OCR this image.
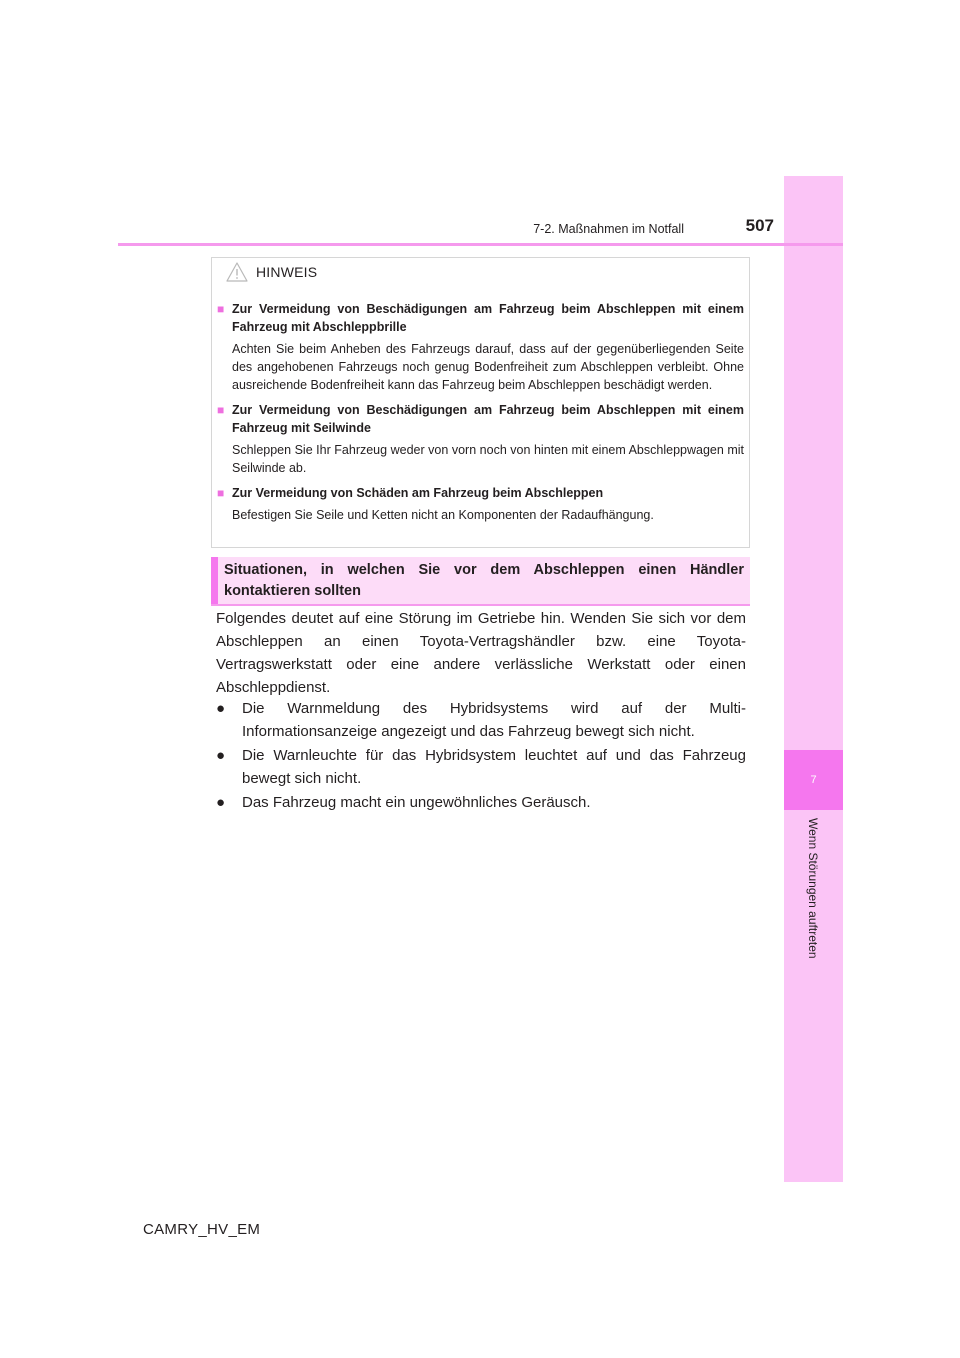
7
Wenn Störungen auftreten
7-2. Maßnahmen im Notfall	507
HINWEIS
■ Zur Vermeidung von Beschädigungen am Fahrzeug beim Abschleppen mit einem Fahrzeug mit Abschleppbrille
Achten Sie beim Anheben des Fahrzeugs darauf, dass auf der gegenüberliegenden Seite des angehobenen Fahrzeugs noch genug Bodenfreiheit zum Abschleppen verbleibt. Ohne ausreichende Bodenfreiheit kann das Fahrzeug beim Abschleppen beschädigt werden.
■ Zur Vermeidung von Beschädigungen am Fahrzeug beim Abschleppen mit einem Fahrzeug mit Seilwinde
Schleppen Sie Ihr Fahrzeug weder von vorn noch von hinten mit einem Abschleppwagen mit Seilwinde ab.
■ Zur Vermeidung von Schäden am Fahrzeug beim Abschleppen
Befestigen Sie Seile und Ketten nicht an Komponenten der Radaufhängung.
Situationen, in welchen Sie vor dem Abschleppen einen Händler kontaktieren sollten
Folgendes deutet auf eine Störung im Getriebe hin. Wenden Sie sich vor dem Abschleppen an einen Toyota-Vertragshändler bzw. eine Toyota-Vertragswerkstatt oder eine andere verlässliche Werkstatt oder einen Abschleppdienst.
●	Die Warnmeldung des Hybridsystems wird auf der Multi-Informationsanzeige angezeigt und das Fahrzeug bewegt sich nicht.
●	Die Warnleuchte für das Hybridsystem leuchtet auf und das Fahrzeug bewegt sich nicht.
●	Das Fahrzeug macht ein ungewöhnliches Geräusch.
CAMRY_HV_EM
